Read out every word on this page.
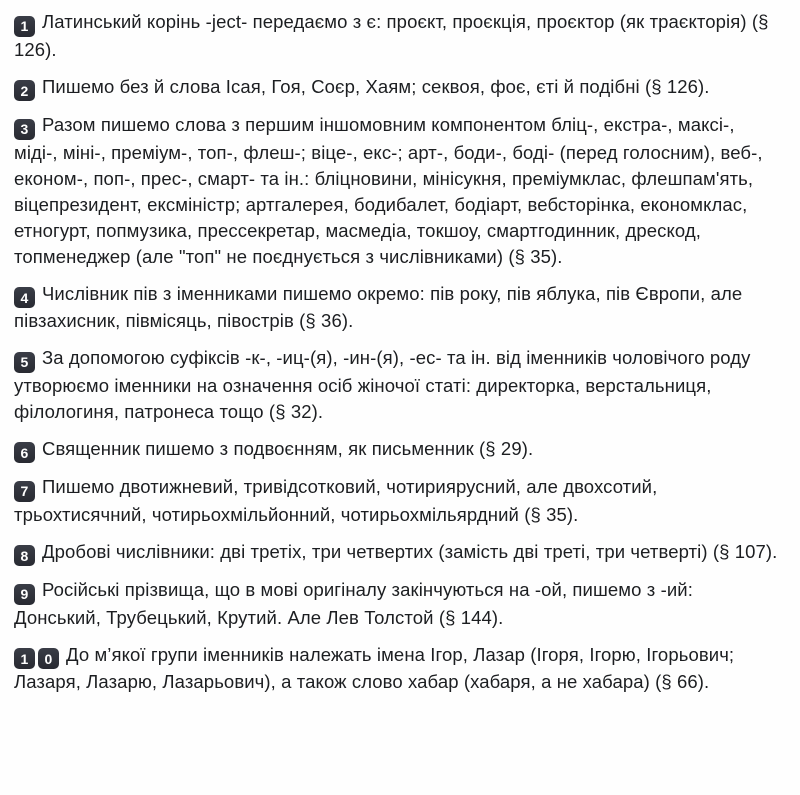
1 Латинський корінь -ject- передаємо з є: проєкт, проєкція, проєктор (як траєкторія) (§ 126).

2 Пишемо без й слова Ісая, Гоя, Соєр, Хаям; секвоя, фоє, єті й подібні (§ 126).

3 Разом пишемо слова з першим іншомовним компонентом бліц-, екстра-, максі-, міді-, міні-, преміум-, топ-, флеш-; віце-, екс-; арт-, боди-, боді- (перед голосним), веб-, економ-, поп-, прес-, смарт- та ін.: бліцновини, мінісукня, преміумклас, флешпам'ять, віцепрезидент, ексміністр; артгалерея, бодибалет, бодіарт, вебсторінка, економклас, етногурт, попмузика, прессекретар, масмедіа, токшоу, смартгодинник, дрескод, топменеджер (але "топ" не поєднується з числівниками) (§ 35).

4 Числівник пів з іменниками пишемо окремо: пів року, пів яблука, пів Європи, але півзахисник, півмісяць, півострів (§ 36).

5 За допомогою суфіксів -к-, -иц-(я), -ин-(я), -ес- та ін. від іменників чоловічого роду утворюємо іменники на означення осіб жіночої статі: директорка, верстальниця, філологиня, патронеса тощо (§ 32).

6 Священник пишемо з подвоєнням, як письменник (§ 29).

7 Пишемо двотижневий, тривідсотковий, чотириярусний, але двохсотий, трьохтисячний, чотирьохмільйонний, чотирьохмільярдний (§ 35).

8 Дробові числівники: дві третіх, три четвертих (замість дві треті, три четверті) (§ 107).

9 Російські прізвища, що в мові оригіналу закінчуються на -ой, пишемо з -ий: Донський, Трубецький, Крутий. Але Лев Толстой (§ 144).

1 0 До м’якої групи іменників належать імена Ігор, Лазар (Ігоря, Ігорю, Ігорьович; Лазаря, Лазарю, Лазарьович), а також слово хабар (хабаря, а не хабара) (§ 66).
